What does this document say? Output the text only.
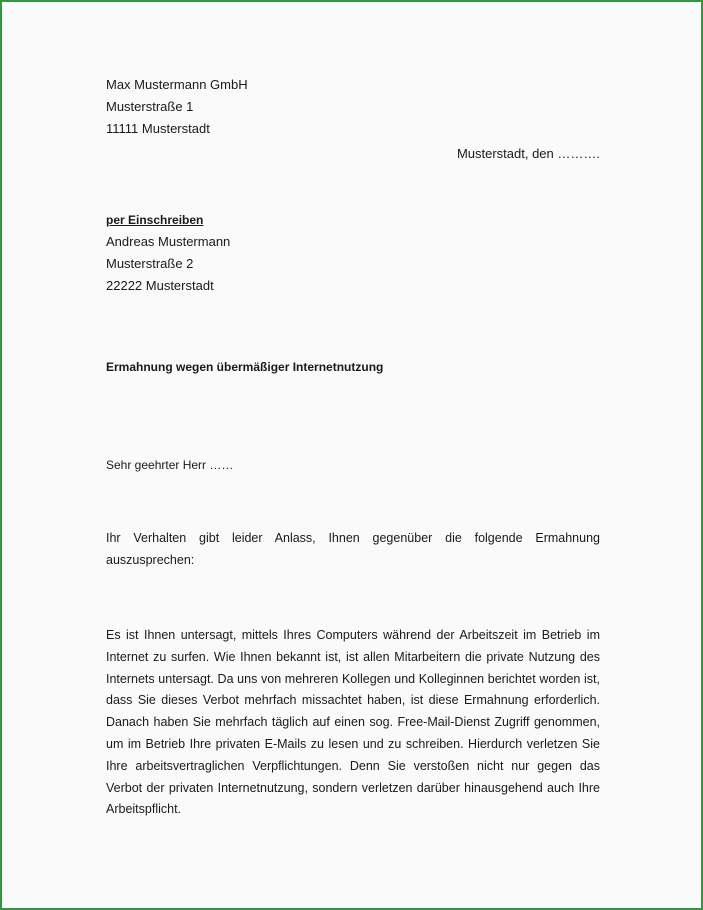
Max Mustermann GmbH
Musterstraße 1
11111 Musterstadt
Musterstadt, den ……….
per Einschreiben
Andreas Mustermann
Musterstraße 2
22222 Musterstadt
Ermahnung wegen übermäßiger Internetnutzung
Sehr geehrter Herr ……
Ihr Verhalten gibt leider Anlass, Ihnen gegenüber die folgende Ermahnung auszusprechen:
Es ist Ihnen untersagt, mittels Ihres Computers während der Arbeitszeit im Betrieb im Internet zu surfen. Wie Ihnen bekannt ist, ist allen Mitarbeitern die private Nutzung des Internets untersagt. Da uns von mehreren Kollegen und Kolleginnen berichtet worden ist, dass Sie dieses Verbot mehrfach missachtet haben, ist diese Ermahnung erforderlich. Danach haben Sie mehrfach täglich auf einen sog. Free-Mail-Dienst Zugriff genommen, um im Betrieb Ihre privaten E-Mails zu lesen und zu schreiben. Hierdurch verletzen Sie Ihre arbeitsvertraglichen Verpflichtungen. Denn Sie verstoßen nicht nur gegen das Verbot der privaten Internetnutzung, sondern verletzen darüber hinausgehend auch Ihre Arbeitspflicht.
